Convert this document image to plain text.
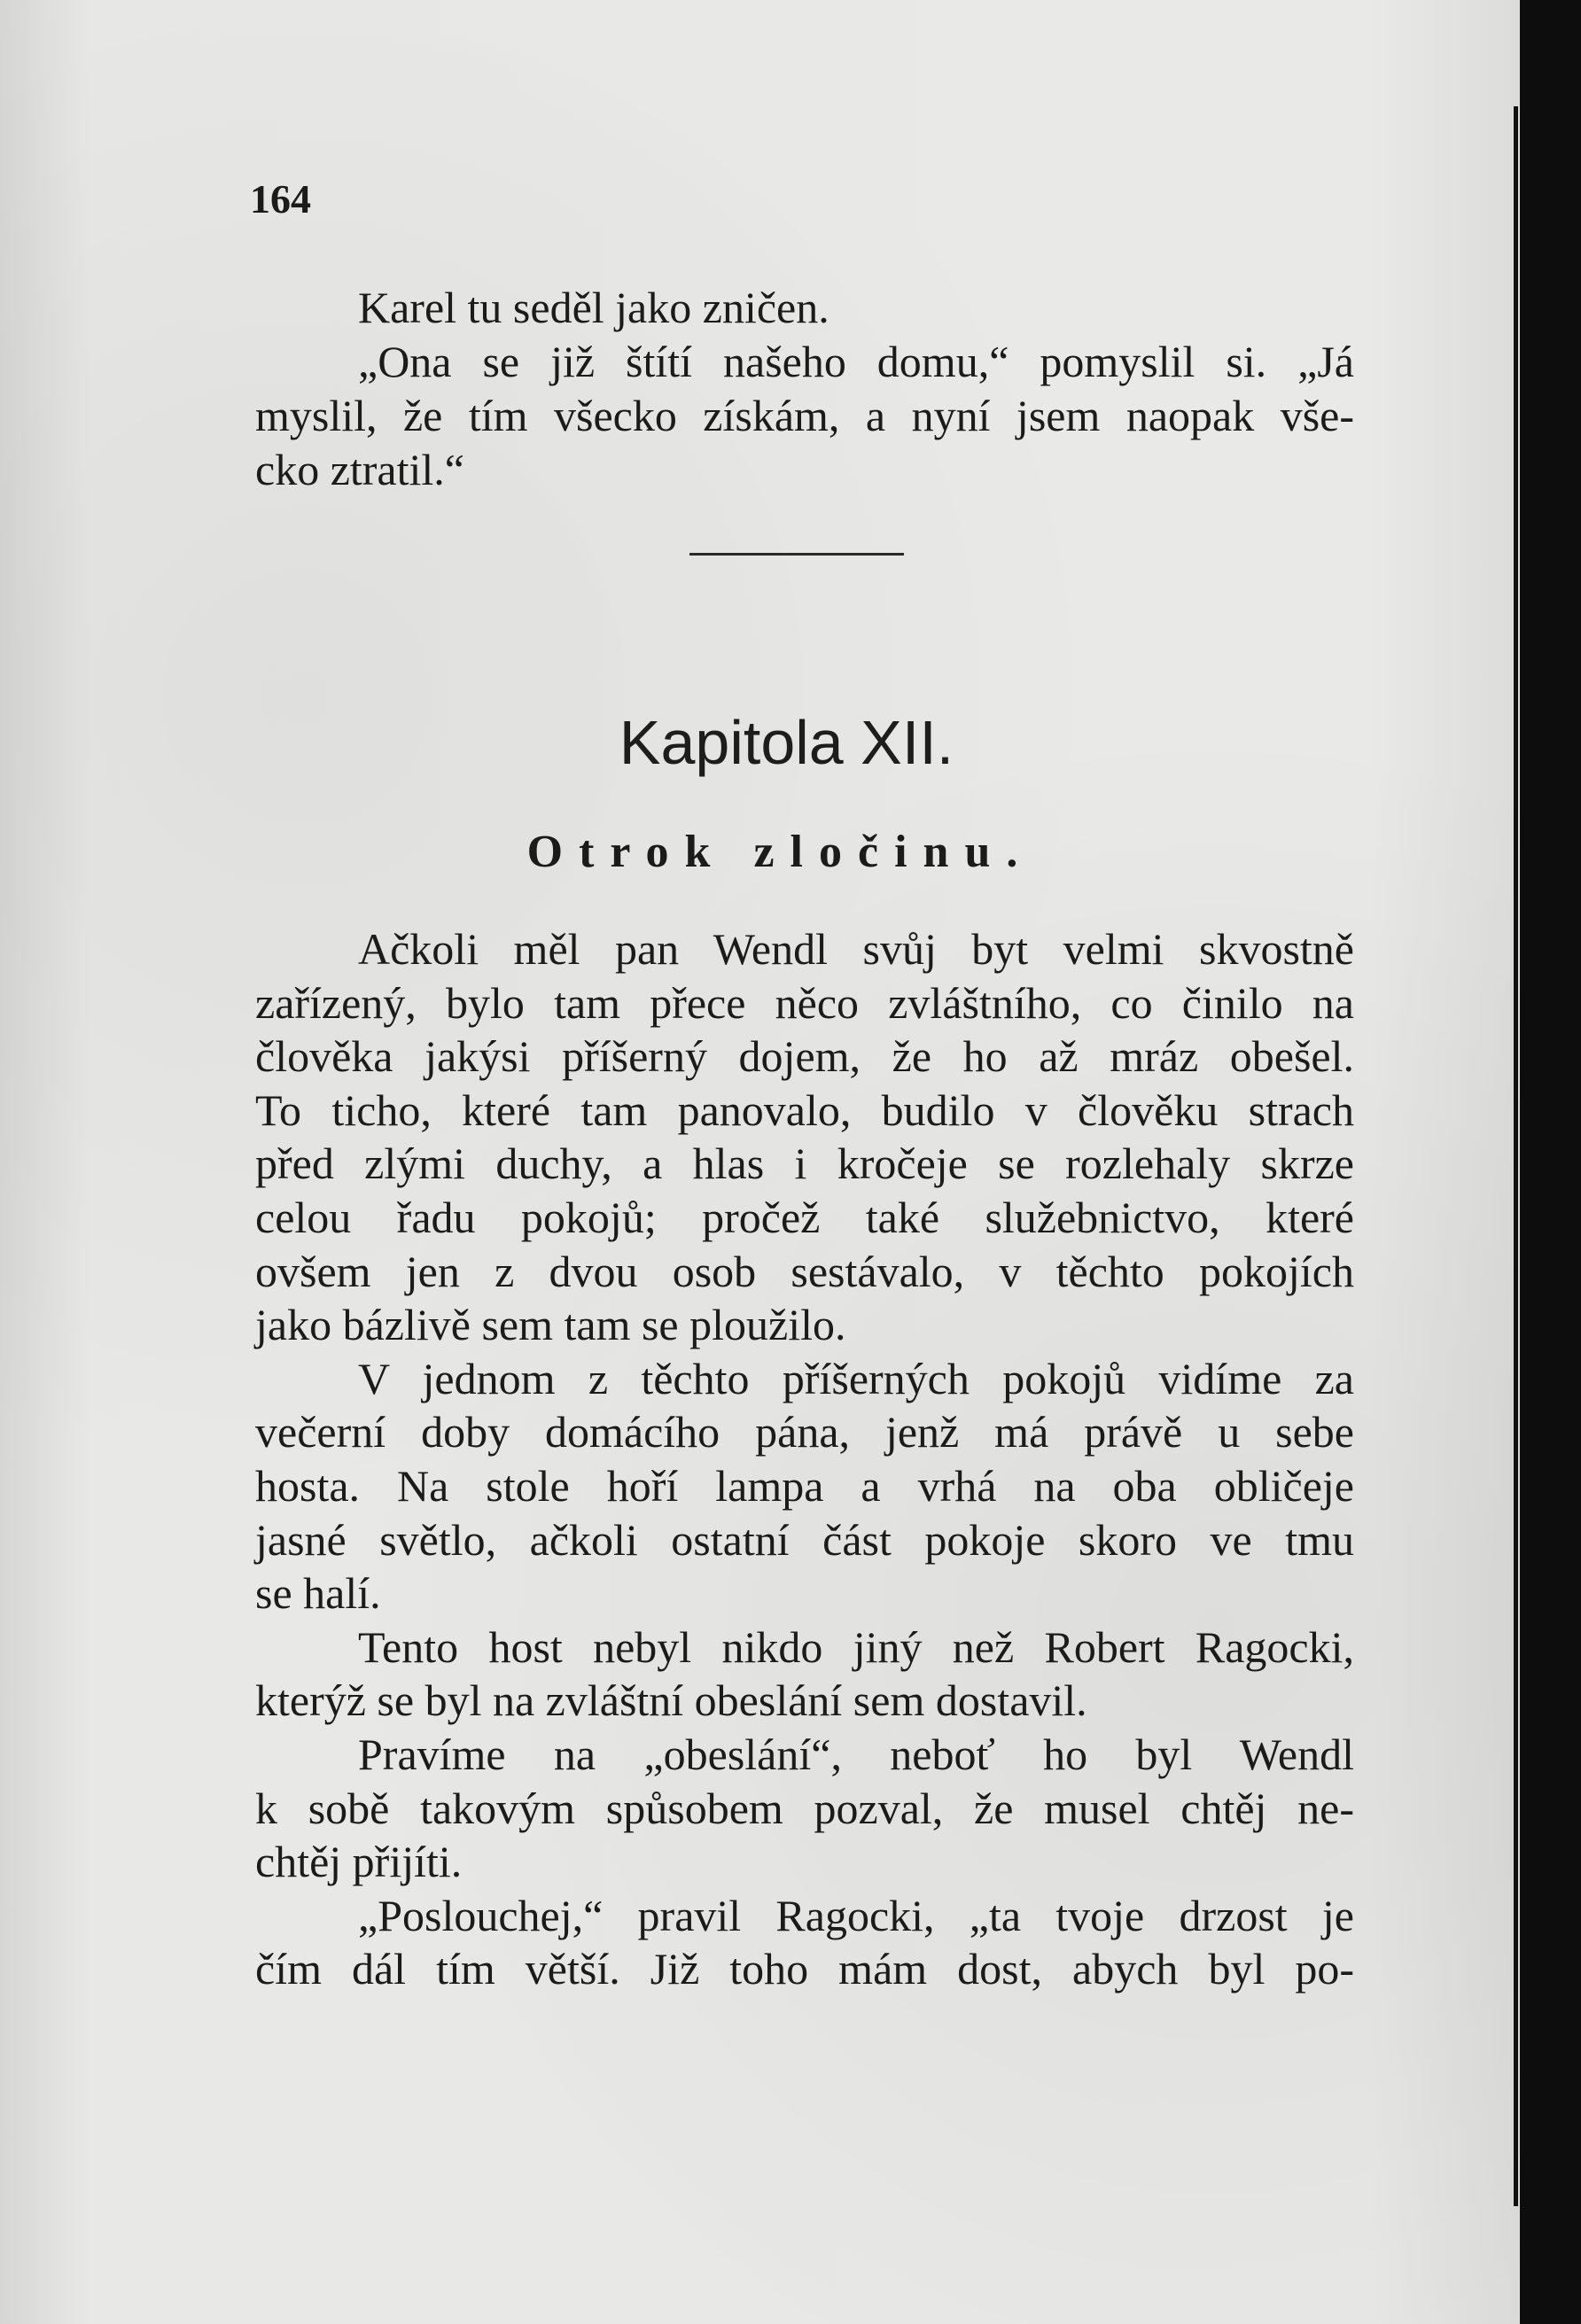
164
Karel tu seděl jako zničen.
„Ona se již štítí našeho domu,“ pomyslil si. „Já
myslil, že tím všecko získám, a nyní jsem naopak vše-
cko ztratil.“
Kapitola XII.
Otrok zločinu.
Ačkoli měl pan Wendl svůj byt velmi skvostně
zařízený, bylo tam přece něco zvláštního, co činilo na
člověka jakýsi příšerný dojem, že ho až mráz obešel.
To ticho, které tam panovalo, budilo v člověku strach
před zlými duchy, a hlas i kročeje se rozlehaly skrze
celou řadu pokojů; pročež také služebnictvo, které
ovšem jen z dvou osob sestávalo, v těchto pokojích
jako bázlivě sem tam se ploužilo.
V jednom z těchto příšerných pokojů vidíme za
večerní doby domácího pána, jenž má právě u sebe
hosta. Na stole hoří lampa a vrhá na oba obličeje
jasné světlo, ačkoli ostatní část pokoje skoro ve tmu
se halí.
Tento host nebyl nikdo jiný než Robert Ragocki,
kterýž se byl na zvláštní obeslání sem dostavil.
Pravíme na „obeslání“, neboť ho byl Wendl
k sobě takovým spůsobem pozval, že musel chtěj ne-
chtěj přijíti.
„Poslouchej,“ pravil Ragocki, „ta tvoje drzost je
čím dál tím větší. Již toho mám dost, abych byl po-
